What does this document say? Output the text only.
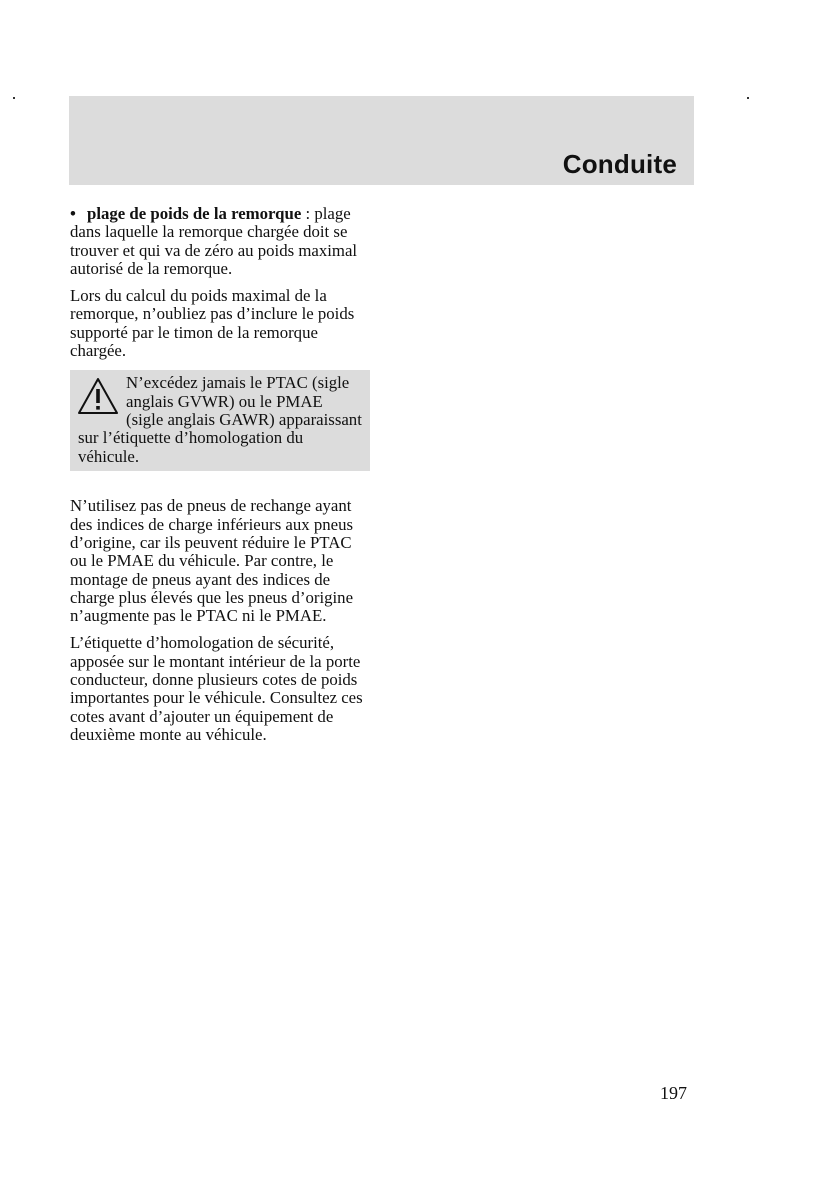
Conduite

• plage de poids de la remorque : plage dans laquelle la remorque chargée doit se trouver et qui va de zéro au poids maximal autorisé de la remorque.

Lors du calcul du poids maximal de la remorque, n’oubliez pas d’inclure le poids supporté par le timon de la remorque chargée.

N’excédez jamais le PTAC (sigle anglais GVWR) ou le PMAE (sigle anglais GAWR) apparaissant sur l’étiquette d’homologation du véhicule.

N’utilisez pas de pneus de rechange ayant des indices de charge inférieurs aux pneus d’origine, car ils peuvent réduire le PTAC ou le PMAE du véhicule. Par contre, le montage de pneus ayant des indices de charge plus élevés que les pneus d’origine n’augmente pas le PTAC ni le PMAE.

L’étiquette d’homologation de sécurité, apposée sur le montant intérieur de la porte conducteur, donne plusieurs cotes de poids importantes pour le véhicule. Consultez ces cotes avant d’ajouter un équipement de deuxième monte au véhicule.

197
